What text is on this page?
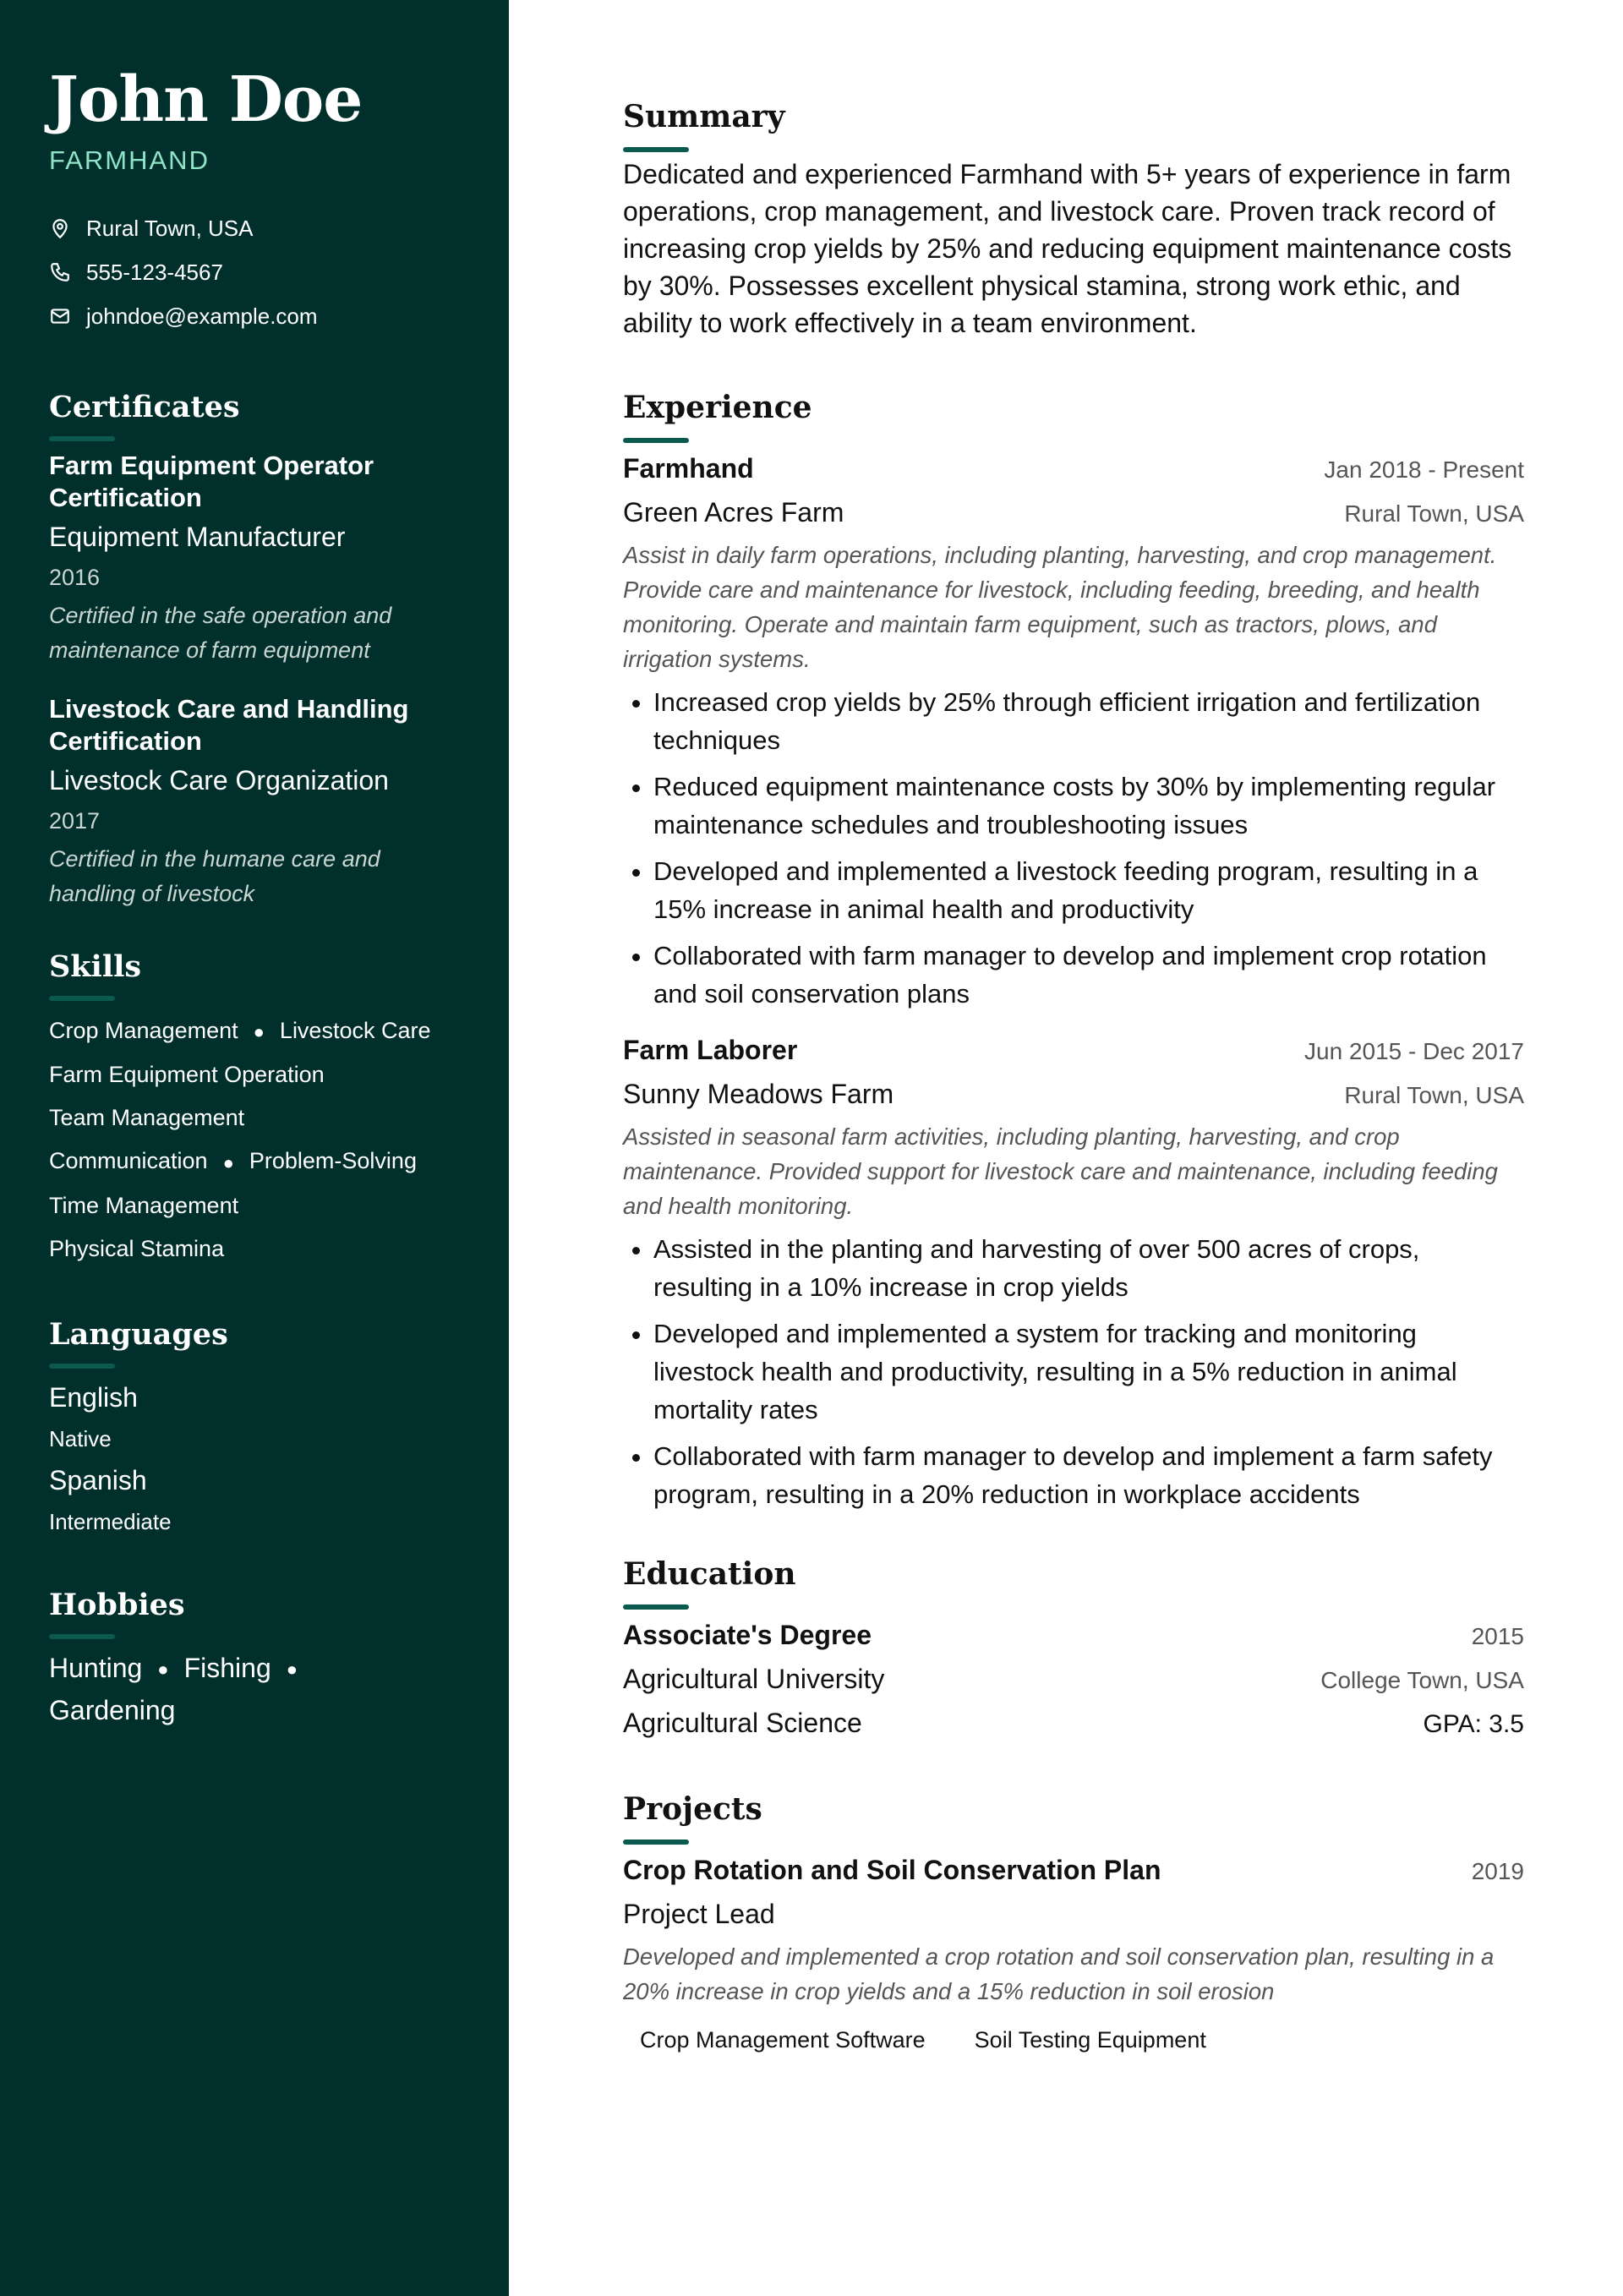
John Doe
FARMHAND
Rural Town, USA
555-123-4567
johndoe@example.com
Certificates
Farm Equipment Operator Certification
Equipment Manufacturer
2016
Certified in the safe operation and maintenance of farm equipment
Livestock Care and Handling Certification
Livestock Care Organization
2017
Certified in the humane care and handling of livestock
Skills
Crop Management ● Livestock Care
Farm Equipment Operation
Team Management
Communication ● Problem-Solving
Time Management
Physical Stamina
Languages
English
Native
Spanish
Intermediate
Hobbies
Hunting ● Fishing ●
Gardening
Summary
Dedicated and experienced Farmhand with 5+ years of experience in farm operations, crop management, and livestock care. Proven track record of increasing crop yields by 25% and reducing equipment maintenance costs by 30%. Possesses excellent physical stamina, strong work ethic, and ability to work effectively in a team environment.
Experience
Farmhand	Jan 2018 - Present
Green Acres Farm	Rural Town, USA
Assist in daily farm operations, including planting, harvesting, and crop management. Provide care and maintenance for livestock, including feeding, breeding, and health monitoring. Operate and maintain farm equipment, such as tractors, plows, and irrigation systems.
• Increased crop yields by 25% through efficient irrigation and fertilization techniques
• Reduced equipment maintenance costs by 30% by implementing regular maintenance schedules and troubleshooting issues
• Developed and implemented a livestock feeding program, resulting in a 15% increase in animal health and productivity
• Collaborated with farm manager to develop and implement crop rotation and soil conservation plans
Farm Laborer	Jun 2015 - Dec 2017
Sunny Meadows Farm	Rural Town, USA
Assisted in seasonal farm activities, including planting, harvesting, and crop maintenance. Provided support for livestock care and maintenance, including feeding and health monitoring.
• Assisted in the planting and harvesting of over 500 acres of crops, resulting in a 10% increase in crop yields
• Developed and implemented a system for tracking and monitoring livestock health and productivity, resulting in a 5% reduction in animal mortality rates
• Collaborated with farm manager to develop and implement a farm safety program, resulting in a 20% reduction in workplace accidents
Education
Associate's Degree	2015
Agricultural University	College Town, USA
Agricultural Science	GPA: 3.5
Projects
Crop Rotation and Soil Conservation Plan	2019
Project Lead
Developed and implemented a crop rotation and soil conservation plan, resulting in a 20% increase in crop yields and a 15% reduction in soil erosion
Crop Management Software	Soil Testing Equipment
